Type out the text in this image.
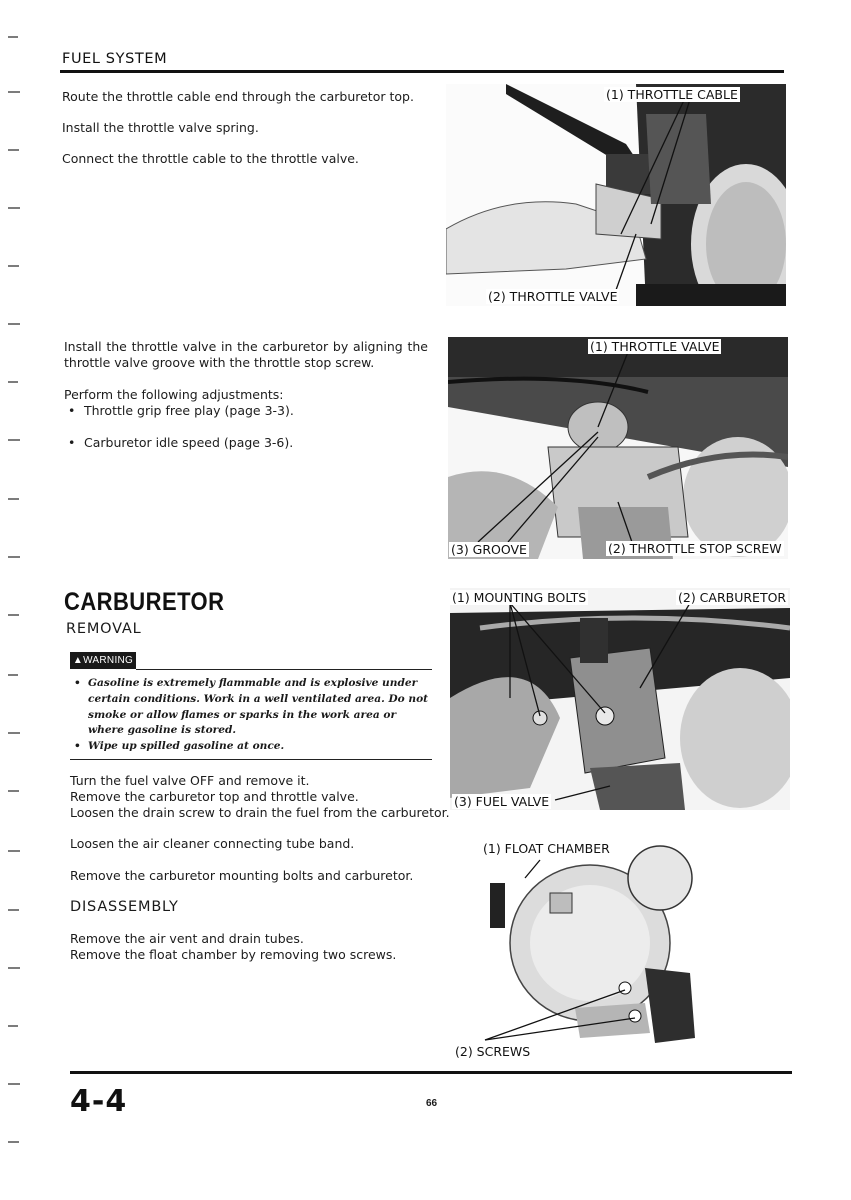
FUEL SYSTEM
Route the throttle cable end through the carburetor top.
Install the throttle valve spring.
Connect the throttle cable to the throttle valve.
(1) THROTTLE CABLE
(2) THROTTLE VALVE
Install the throttle valve in the carburetor by aligning the
throttle valve groove with the throttle stop screw.
Perform the following adjustments:
• Throttle grip free play (page 3-3).
• Carburetor idle speed (page 3-6).
(1) THROTTLE VALVE
(3) GROOVE	(2) THROTTLE STOP SCREW
CARBURETOR
REMOVAL
▲WARNING
• Gasoline is extremely flammable and is explosive under certain conditions. Work in a well ventilated area. Do not smoke or allow flames or sparks in the work area or where gasoline is stored.
• Wipe up spilled gasoline at once.
Turn the fuel valve OFF and remove it.
Remove the carburetor top and throttle valve.
Loosen the drain screw to drain the fuel from the carburetor.
Loosen the air cleaner connecting tube band.
Remove the carburetor mounting bolts and carburetor.
(1) MOUNTING BOLTS	(2) CARBURETOR
(3) FUEL VALVE
DISASSEMBLY
Remove the air vent and drain tubes.
Remove the float chamber by removing two screws.
(1) FLOAT CHAMBER
(2) SCREWS
4-4	66
